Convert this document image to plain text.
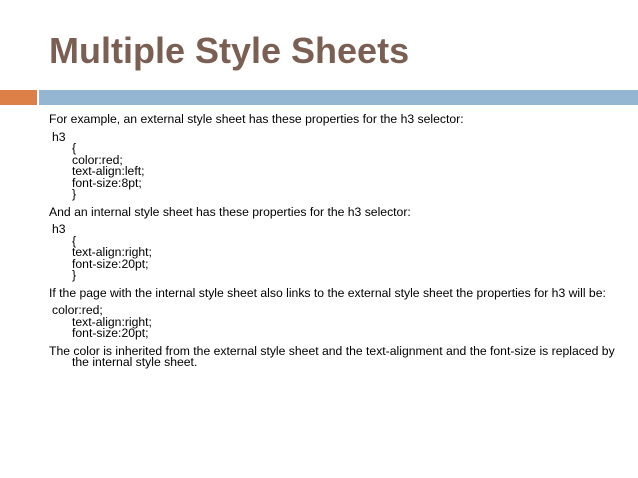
Multiple Style Sheets
For example, an external style sheet has these properties for the h3 selector:
h3
{
color:red;
text-align:left;
font-size:8pt;
}
And an internal style sheet has these properties for the h3 selector:
h3
{
text-align:right;
font-size:20pt;
}
If the page with the internal style sheet also links to the external style sheet the properties for h3 will be:
color:red;
text-align:right;
font-size:20pt;
The color is inherited from the external style sheet and the text-alignment and the font-size is replaced by the internal style sheet.
